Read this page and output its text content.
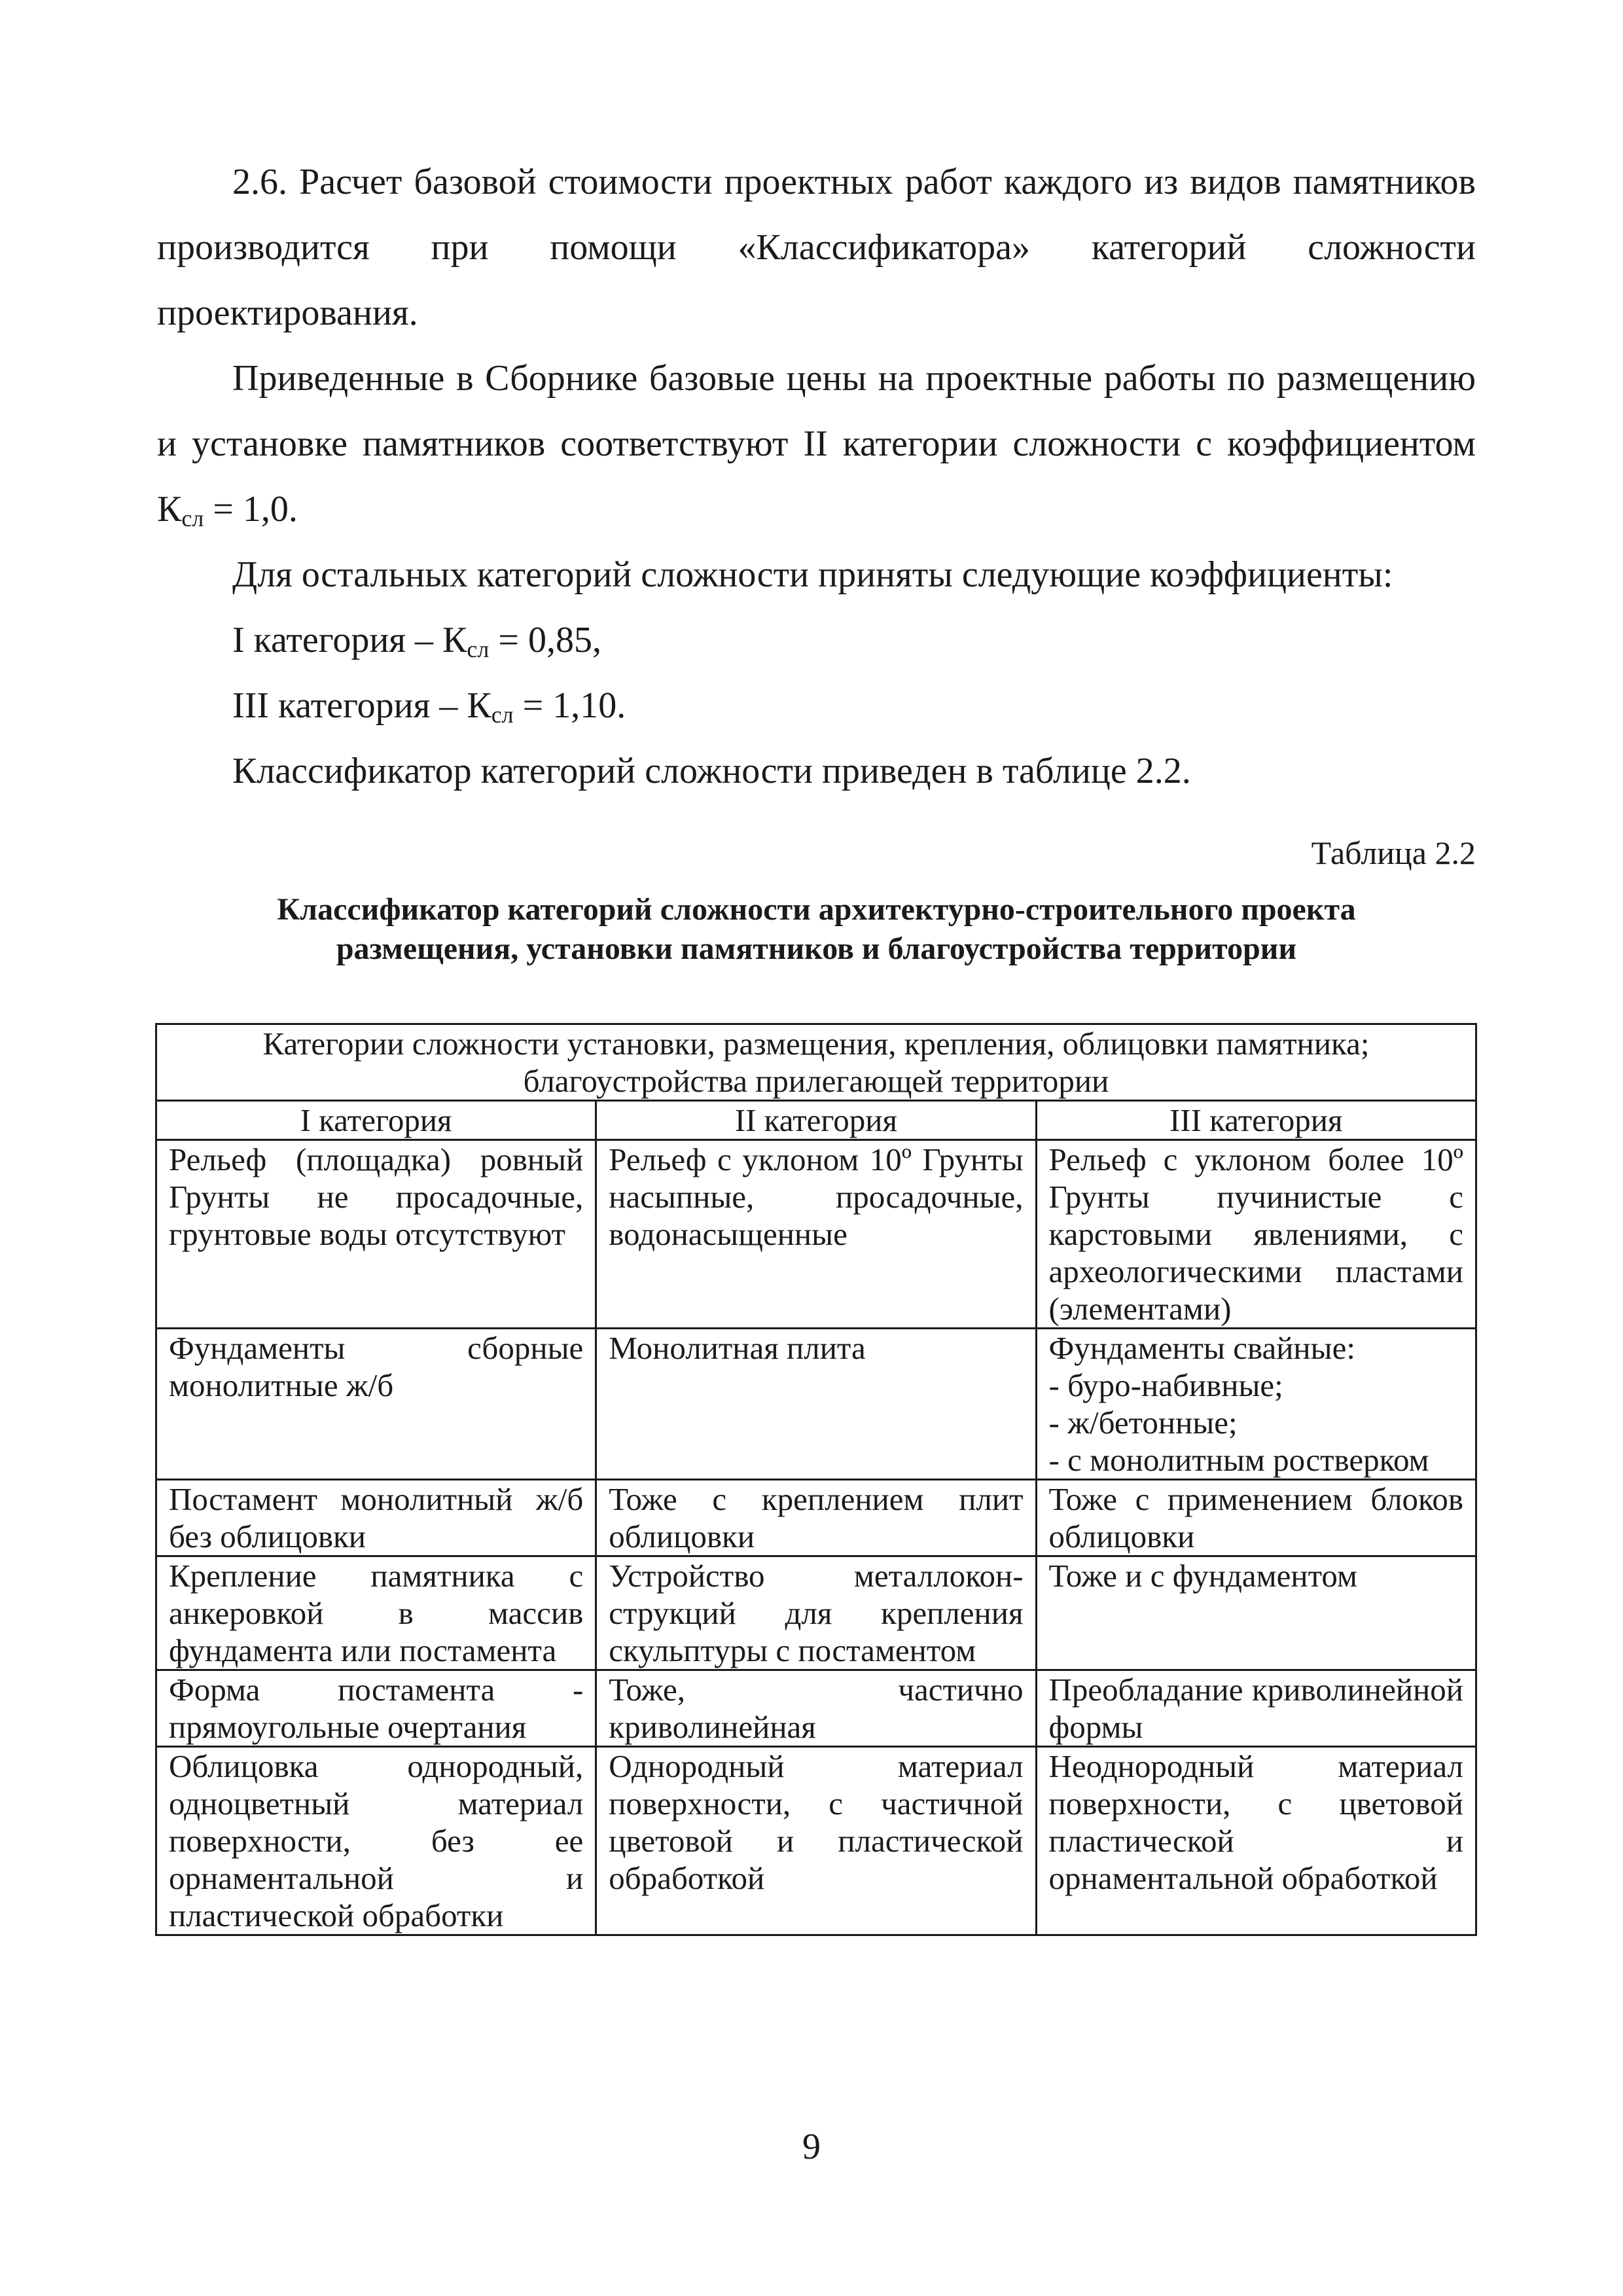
2.6. Расчет базовой стоимости проектных работ каждого из видов памятников производится при помощи «Классификатора» категорий сложности проектирования.

Приведенные в Сборнике базовые цены на проектные работы по размещению и установке памятников соответствуют II категории сложности с коэффициентом $К_{сл} = 1,0$.

Для остальных категорий сложности приняты следующие коэффициенты:

I категория – $К_{сл} = 0,85$,

III категория – $К_{сл} = 1,10$.

Классификатор категорий сложности приведен в таблице 2.2.

Таблица 2.2

Классификатор категорий сложности архитектурно-строительного проекта
размещения, установки памятников и благоустройства территории
Категории сложности установки, размещения, крепления, облицовки памятника;
благоустройства прилегающей территории		

I категория	II категория	III категория
Рельеф (площадка) ровный Грунты не просадочные, грунтовые воды отсутствуют	Рельеф с уклоном 10º Грунты насыпные, просадочные, водонасыщенные	Рельеф с уклоном более 10º Грунты пучинистые с карстовыми явлениями, с археологическими пластами (элементами)
Фундаменты сборные монолитные ж/б	Монолитная плита	Фундаменты свайные:
- буро-набивные;
- ж/бетонные;
- с монолитным ростверком

Постамент монолитный ж/б без облицовки	Тоже с креплением плит облицовки	Тоже с применением блоков облицовки
Крепление памятника с анкеровкой в массив фундамента или постамента	Устройство металлокон-струкций для крепления скульптуры с постаментом	Тоже и с фундаментом
Форма постамента - прямоугольные очертания	Тоже, частично криволинейная	Преобладание криволинейной формы
Облицовка однородный, одноцветный материал поверхности, без ее орнаментальной и пластической обработки	Однородный материал поверхности, с частичной цветовой и пластической обработкой	Неоднородный материал поверхности, с цветовой пластической и орнаментальной обработкой

9
